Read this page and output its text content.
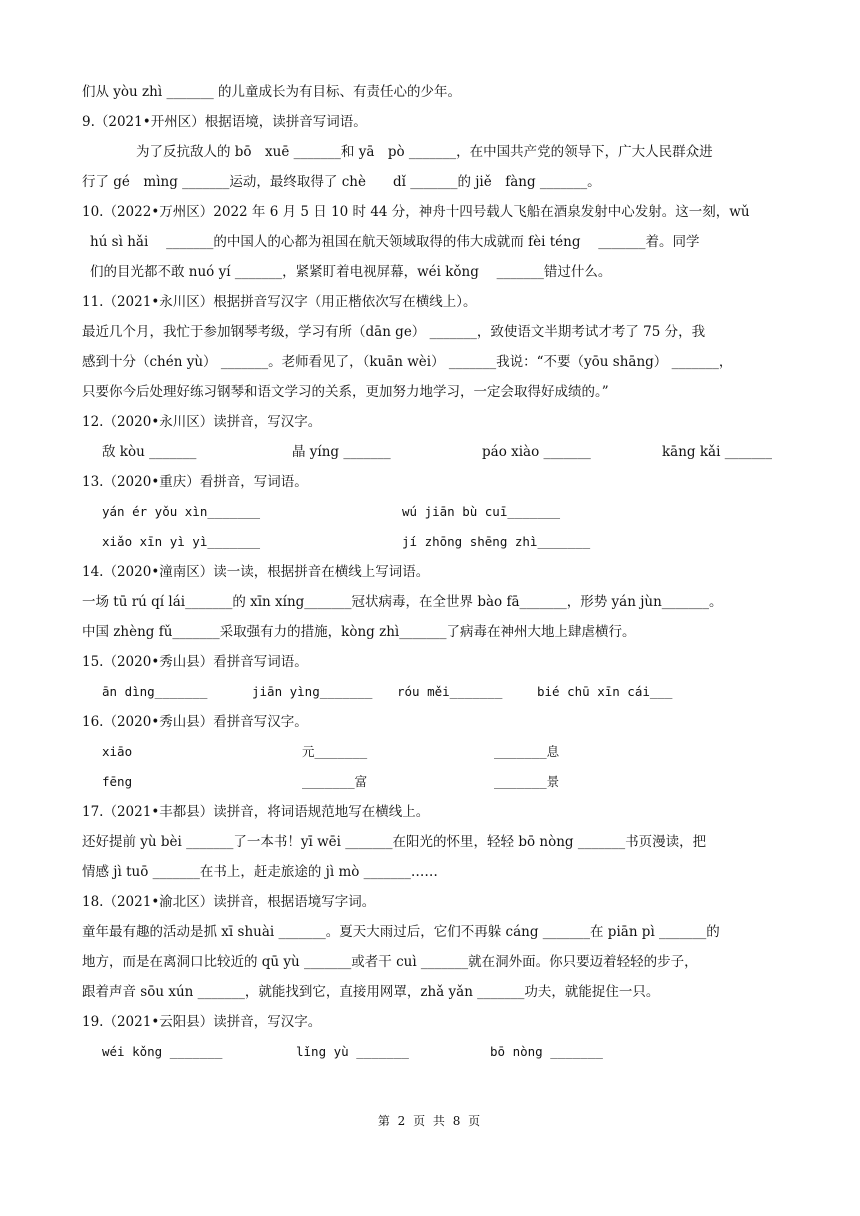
们从 yòu zhì _______ 的儿童成长为有目标、有责任心的少年。
9.（2021•开州区）根据语境，读拼音写词语。
为了反抗敌人的 bō　xuē _______和 yā　pò _______，在中国共产党的领导下，广大人民群众进
行了 gé　mìng _______运动，最终取得了 chè　　dǐ _______的 jiě　fàng _______。
10.（2022•万州区）2022 年 6 月 5 日 10 时 44 分，神舟十四号载人飞船在酒泉发射中心发射。这一刻，wǔ
hú sì hǎi　 _______的中国人的心都为祖国在航天领域取得的伟大成就而 fèi téng　 _______着。同学
们的目光都不敢 nuó yí _______，紧紧盯着电视屏幕，wéi kǒng　 _______错过什么。
11.（2021•永川区）根据拼音写汉字（用正楷依次写在横线上）。
最近几个月，我忙于参加钢琴考级，学习有所（dān ge） _______，致使语文半期考试才考了 75 分，我
感到十分（chén yù） _______。老师看见了，（kuān wèi） _______我说：“不要（yōu shāng） _______，
只要你今后处理好练习钢琴和语文学习的关系，更加努力地学习，一定会取得好成绩的。”
12.（2020•永川区）读拼音，写汉字。
敌 kòu _______	晶 yíng _______	páo xiào _______	kāng kǎi _______
13.（2020•重庆）看拼音，写词语。
yán ér yǒu xìn_______	wú jiān bù cuī_______
xiǎo xīn yì yì_______	jí zhōng shēng zhì_______
14.（2020•潼南区）读一读，根据拼音在横线上写词语。
一场 tū rú qí lái_______的 xīn xíng_______冠状病毒，在全世界 bào fā_______，形势 yán jùn_______。
中国 zhèng fǔ_______采取强有力的措施，kòng zhì_______了病毒在神州大地上肆虐横行。
15.（2020•秀山县）看拼音写词语。
ān dìng_______	jiān yìng_______ róu měi_______	bié chū xīn cái___
16.（2020•秀山县）看拼音写汉字。
xiāo	元_______	_______息
fēng	_______富	_______景
17.（2021•丰都县）读拼音，将词语规范地写在横线上。
还好提前 yù bèi _______了一本书！yī wēi _______在阳光的怀里，轻轻 bō nòng _______书页漫读，把
情感 jì tuō _______在书上，赶走旅途的 jì mò _______……
18.（2021•渝北区）读拼音，根据语境写字词。
童年最有趣的活动是抓 xī shuài _______。夏天大雨过后，它们不再躲 cáng _______在 piān pì _______的
地方，而是在离洞口比较近的 qū yù _______或者干 cuì _______就在洞外面。你只要迈着轻轻的步子，
跟着声音 sōu xún _______，就能找到它，直接用网罩，zhǎ yǎn _______功夫，就能捉住一只。
19.（2021•云阳县）读拼音，写汉字。
wéi kǒng _______	lǐng yù _______	bō nòng _______
第 2 页 共 8 页
